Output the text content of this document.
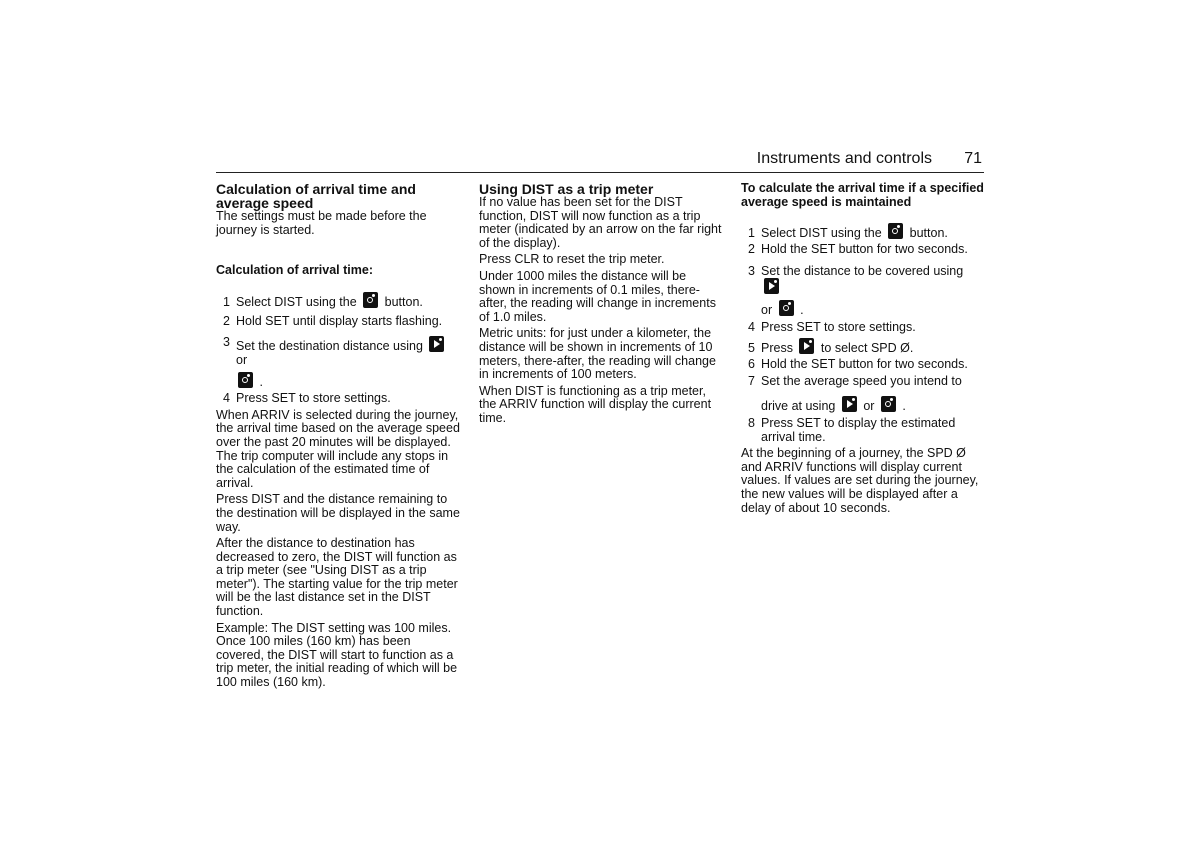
Instruments and controls 71

Calculation of arrival time and average speed

The settings must be made before the journey is started.

Calculation of arrival time:

1 Select DIST using the button.
2 Hold SET until display starts flashing.
3 Set the destination distance using  or
.
4 Press SET to store settings.

When ARRIV is selected during the journey, the arrival time based on the average speed over the past 20 minutes will be displayed. The trip computer will include any stops in the calculation of the estimated time of arrival.

Press DIST and the distance remaining to the destination will be displayed in the same way.

After the distance to destination has decreased to zero, the DIST will function as a trip meter (see "Using DIST as a trip meter"). The starting value for the trip meter will be the last distance set in the DIST function.

Example: The DIST setting was 100 miles. Once 100 miles (160 km) has been covered, the DIST will start to function as a trip meter, the initial reading of which will be 100 miles (160 km).

Using DIST as a trip meter

If no value has been set for the DIST function, DIST will now function as a trip meter (indicated by an arrow on the far right of the display).

Press CLR to reset the trip meter.

Under 1000 miles the distance will be shown in increments of 0.1 miles, there-after, the reading will change in increments of 1.0 miles.

Metric units: for just under a kilometer, the distance will be shown in increments of 10 meters, there-after, the reading will change in increments of 100 meters.

When DIST is functioning as a trip meter, the ARRIV function will display the current time.

To calculate the arrival time if a specified average speed is maintained

1 Select DIST using the button.
2 Hold the SET button for two seconds.
3 Set the distance to be covered using
or .
4 Press SET to store settings.
5 Press to select SPD Ø.
6 Hold the SET button for two seconds.
7 Set the average speed you intend to
drive at using or .
8 Press SET to display the estimated arrival time.

At the beginning of a journey, the SPD Ø and ARRIV functions will display current values. If values are set during the journey, the new values will be displayed after a delay of about 10 seconds.
